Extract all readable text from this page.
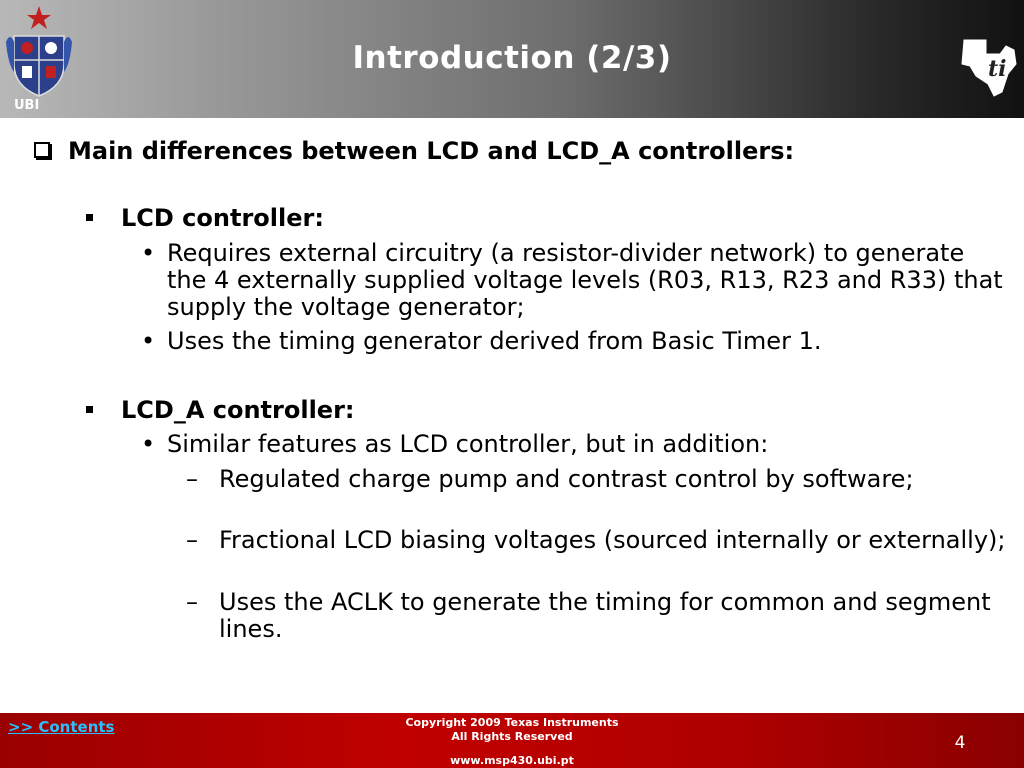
UBI
Introduction (2/3)	ti
Main differences between LCD and LCD_A controllers:
LCD controller:
• Requires external circuitry (a resistor-divider network) to generate the 4 externally supplied voltage levels (R03, R13, R23 and R33) that supply the voltage generator;
• Uses the timing generator derived from Basic Timer 1.
LCD_A controller:
• Similar features as LCD controller, but in addition:
– Regulated charge pump and contrast control by software;
– Fractional LCD biasing voltages (sourced internally or externally);
– Uses the ACLK to generate the timing for common and segment lines.
>> Contents	Copyright 2009 Texas Instruments
All Rights Reserved
www.msp430.ubi.pt
4
